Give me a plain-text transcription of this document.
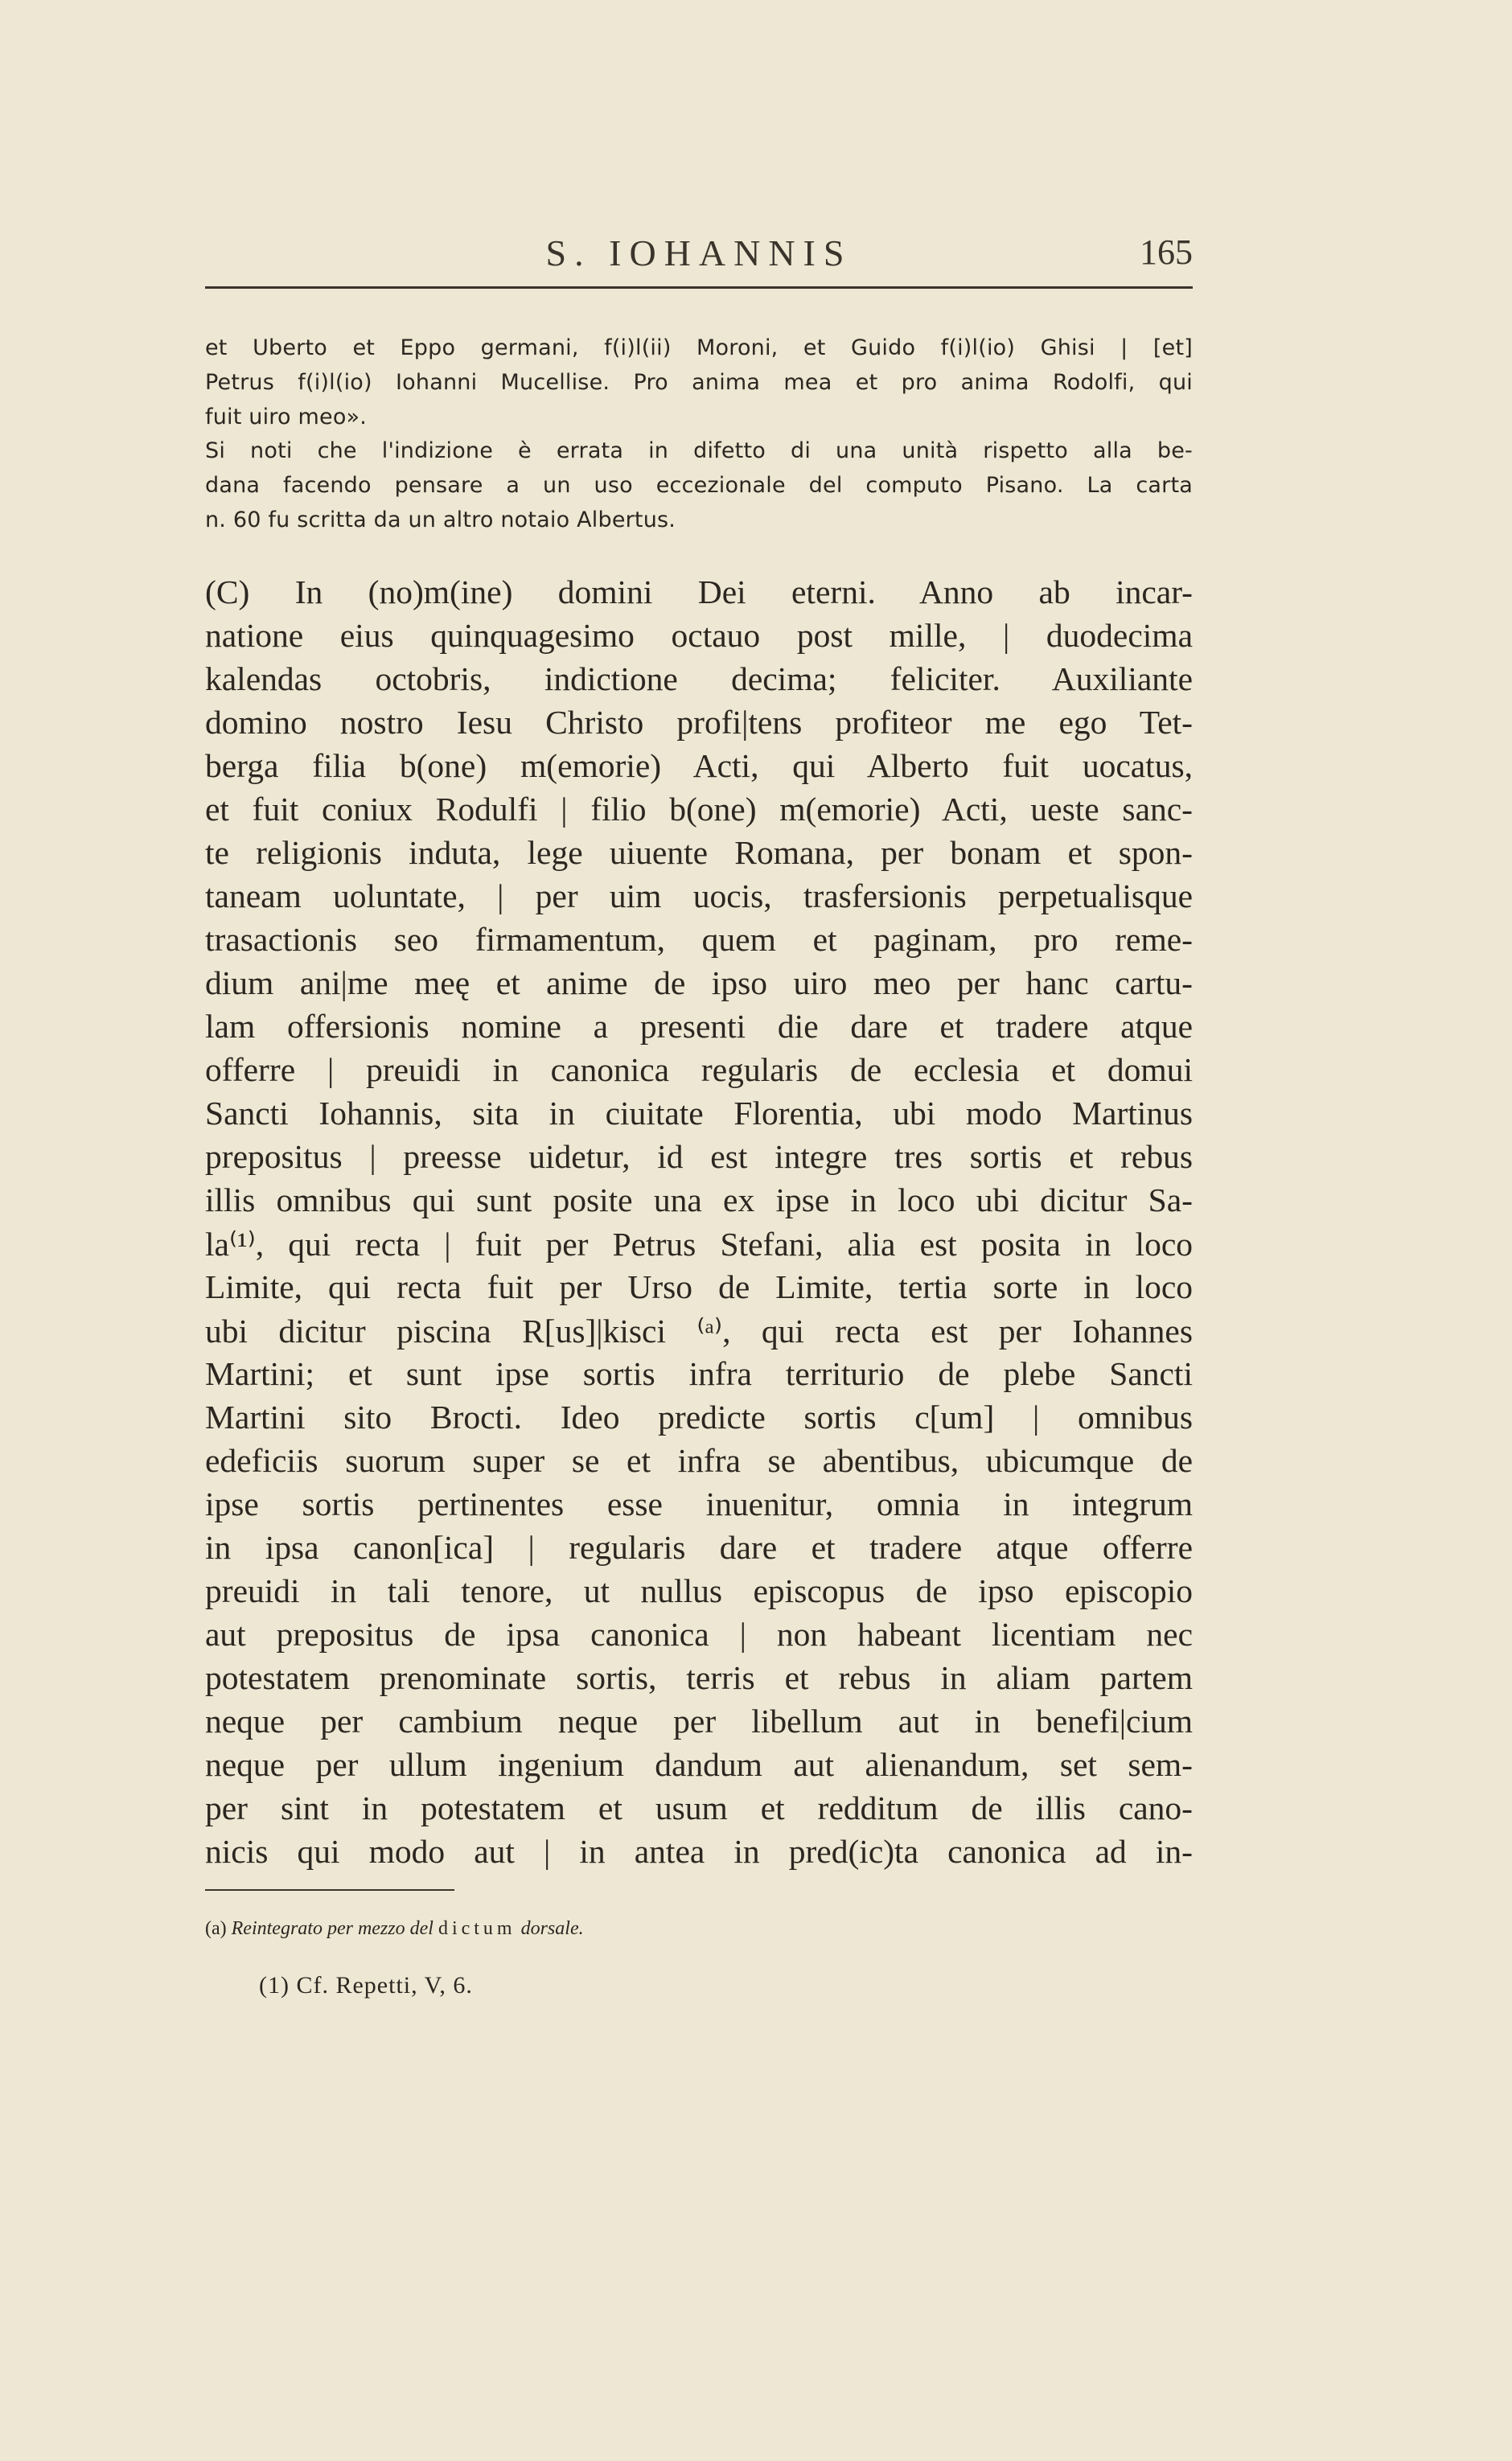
S. IOHANNIS	165
et Uberto et Eppo germani, f(i)l(ii) Moroni, et Guido f(i)l(io) Ghisi | [et]
Petrus f(i)l(io) Iohanni Mucellise. Pro anima mea et pro anima Rodolfi, qui
fuit uiro meo».
Si noti che l'indizione è errata in difetto di una unità rispetto alla be-
dana facendo pensare a un uso eccezionale del computo Pisano. La carta
n. 60 fu scritta da un altro notaio Albertus.
(C) In (no)m(ine) domini Dei eterni. Anno ab incar-
natione eius quinquagesimo octauo post mille, | duodecima
kalendas octobris, indictione decima; feliciter. Auxiliante
domino nostro Iesu Christo profi|tens profiteor me ego Tet-
berga filia b(one) m(emorie) Acti, qui Alberto fuit uocatus,
et fuit coniux Rodulfi | filio b(one) m(emorie) Acti, ueste sanc-
te religionis induta, lege uiuente Romana, per bonam et spon-
taneam uoluntate, | per uim uocis, trasfersionis perpetualisque
trasactionis seo firmamentum, quem et paginam, pro reme-
dium ani|me meę et anime de ipso uiro meo per hanc cartu-
lam offersionis nomine a presenti die dare et tradere atque
offerre | preuidi in canonica regularis de ecclesia et domui
Sancti Iohannis, sita in ciuitate Florentia, ubi modo Martinus
prepositus | preesse uidetur, id est integre tres sortis et rebus
illis omnibus qui sunt posite una ex ipse in loco ubi dicitur Sa-
la⁽¹⁾, qui recta | fuit per Petrus Stefani, alia est posita in loco
Limite, qui recta fuit per Urso de Limite, tertia sorte in loco
ubi dicitur piscina R[us]|kisci ⁽ᵃ⁾, qui recta est per Iohannes
Martini; et sunt ipse sortis infra territurio de plebe Sancti
Martini sito Brocti. Ideo predicte sortis c[um] | omnibus
edeficiis suorum super se et infra se abentibus, ubicumque de
ipse sortis pertinentes esse inuenitur, omnia in integrum
in ipsa canon[ica] | regularis dare et tradere atque offerre
preuidi in tali tenore, ut nullus episcopus de ipso episcopio
aut prepositus de ipsa canonica | non habeant licentiam nec
potestatem prenominate sortis, terris et rebus in aliam partem
neque per cambium neque per libellum aut in benefi|cium
neque per ullum ingenium dandum aut alienandum, set sem-
per sint in potestatem et usum et redditum de illis cano-
nicis qui modo aut | in antea in pred(ic)ta canonica ad in-
(a) Reintegrato per mezzo del dictum dorsale.
(1) Cf. Repetti, V, 6.
